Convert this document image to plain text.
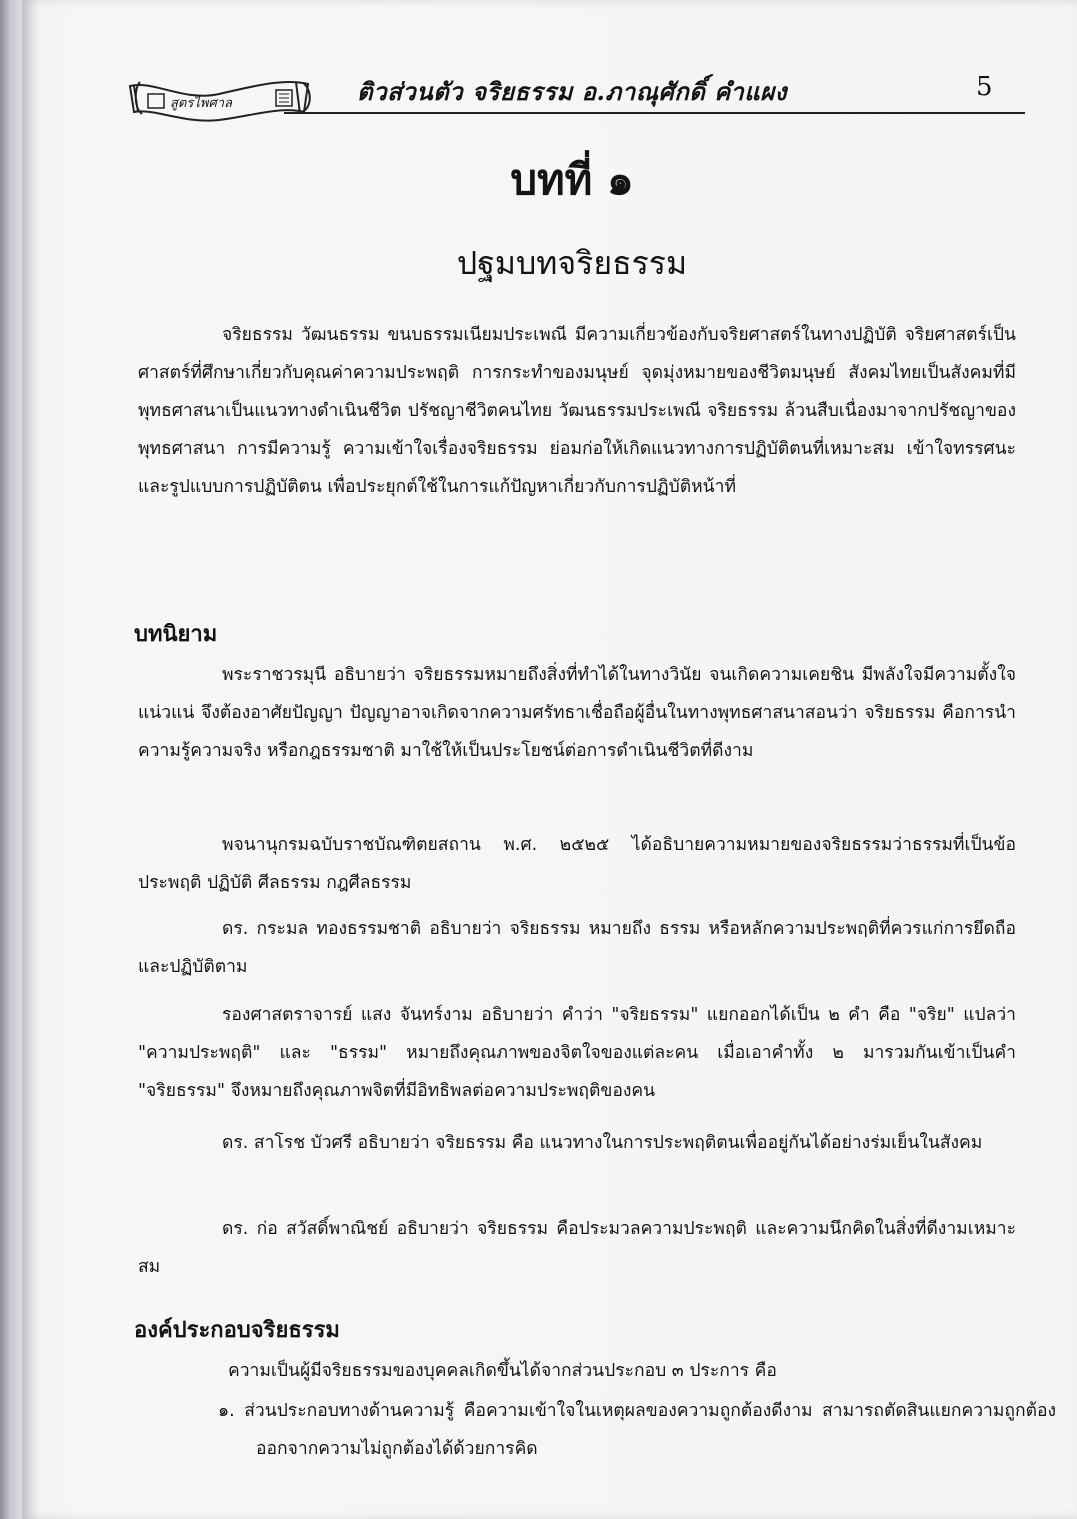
สูตรไพศาล	ติวส่วนตัว จริยธรรม อ.ภาณุศักดิ์ คำแผง	5
บทที่ ๑
ปฐมบทจริยธรรม

จริยธรรม วัฒนธรรม ขนบธรรมเนียมประเพณี มีความเกี่ยวข้องกับจริยศาสตร์ในทางปฏิบัติ จริยศาสตร์เป็นศาสตร์ที่ศึกษาเกี่ยวกับคุณค่าความประพฤติ การกระทำของมนุษย์ จุดมุ่งหมายของชีวิตมนุษย์ สังคมไทยเป็นสังคมที่มีพุทธศาสนาเป็นแนวทางดำเนินชีวิต ปรัชญาชีวิตคนไทย วัฒนธรรมประเพณี จริยธรรม ล้วนสืบเนื่องมาจากปรัชญาของพุทธศาสนา การมีความรู้ ความเข้าใจเรื่องจริยธรรม ย่อมก่อให้เกิดแนวทางการปฏิบัติตนที่เหมาะสม เข้าใจทรรศนะและรูปแบบการปฏิบัติตน เพื่อประยุกต์ใช้ในการแก้ปัญหาเกี่ยวกับการปฏิบัติหน้าที่

บทนิยาม

พระราชวรมุนี อธิบายว่า จริยธรรมหมายถึงสิ่งที่ทำได้ในทางวินัย จนเกิดความเคยชิน มีพลังใจมีความตั้งใจแน่วแน่ จึงต้องอาศัยปัญญา ปัญญาอาจเกิดจากความศรัทธาเชื่อถือผู้อื่นในทางพุทธศาสนาสอนว่า จริยธรรม คือการนำความรู้ความจริง หรือกฎธรรมชาติ มาใช้ให้เป็นประโยชน์ต่อการดำเนินชีวิตที่ดีงาม

พจนานุกรมฉบับราชบัณฑิตยสถาน พ.ศ. ๒๕๒๕ ได้อธิบายความหมายของจริยธรรมว่าธรรมที่เป็นข้อประพฤติ ปฏิบัติ ศีลธรรม กฎศีลธรรม

ดร. กระมล ทองธรรมชาติ อธิบายว่า จริยธรรม หมายถึง ธรรม หรือหลักความประพฤติที่ควรแก่การยึดถือ และปฏิบัติตาม

รองศาสตราจารย์ แสง จันทร์งาม อธิบายว่า คำว่า "จริยธรรม" แยกออกได้เป็น ๒ คำ คือ "จริย" แปลว่า "ความประพฤติ" และ "ธรรม" หมายถึงคุณภาพของจิตใจของแต่ละคน เมื่อเอาคำทั้ง ๒ มารวมกันเข้าเป็นคำ "จริยธรรม" จึงหมายถึงคุณภาพจิตที่มีอิทธิพลต่อความประพฤติของคน

ดร. สาโรช บัวศรี อธิบายว่า จริยธรรม คือ แนวทางในการประพฤติตนเพื่ออยู่กันได้อย่างร่มเย็นในสังคม

ดร. ก่อ สวัสดิ์พาณิชย์ อธิบายว่า จริยธรรม คือประมวลความประพฤติ และความนึกคิดในสิ่งที่ดีงามเหมาะสม

องค์ประกอบจริยธรรม

ความเป็นผู้มีจริยธรรมของบุคคลเกิดขึ้นได้จากส่วนประกอบ ๓ ประการ คือ

๑. ส่วนประกอบทางด้านความรู้ คือความเข้าใจในเหตุผลของความถูกต้องดีงาม สามารถตัดสินแยกความถูกต้องออกจากความไม่ถูกต้องได้ด้วยการคิด
